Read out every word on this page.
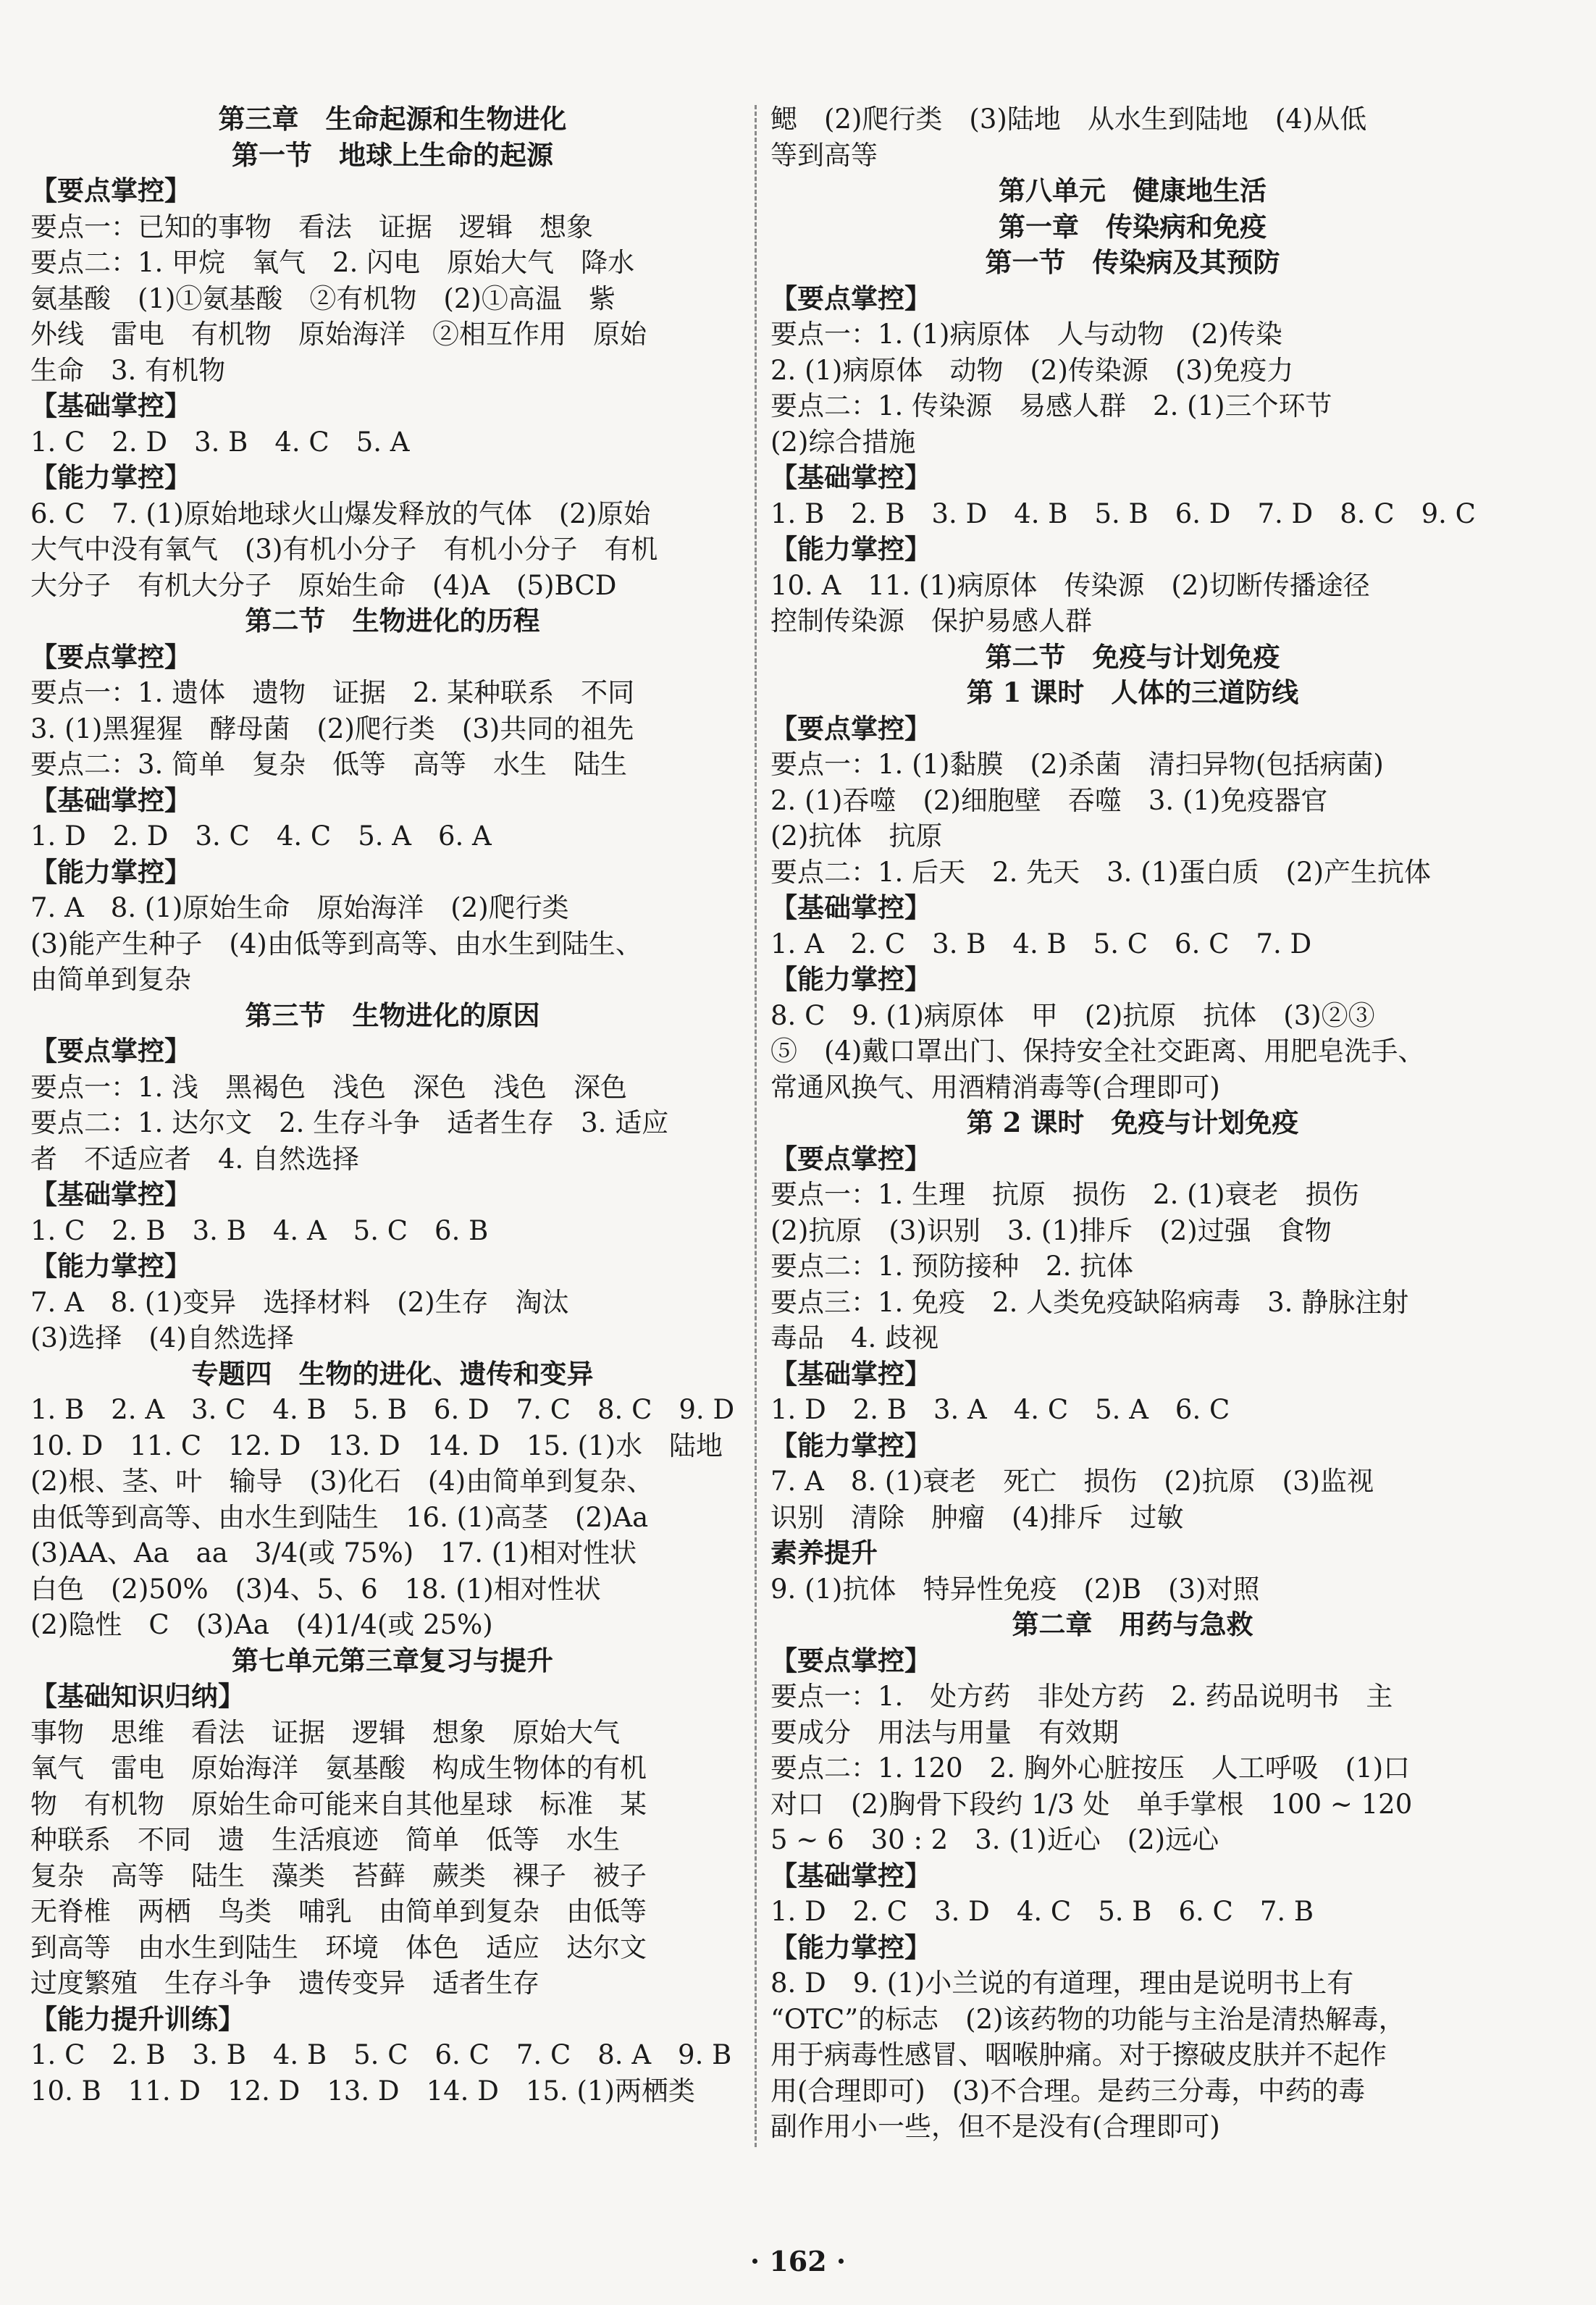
第三章　生命起源和生物进化
第一节　地球上生命的起源
【要点掌控】
要点一：已知的事物　看法　证据　逻辑　想象
要点二：1. 甲烷　氧气　2. 闪电　原始大气　降水
氨基酸　(1)①氨基酸　②有机物　(2)①高温　紫
外线　雷电　有机物　原始海洋　②相互作用　原始
生命　3. 有机物
【基础掌控】
1. C　2. D　3. B　4. C　5. A
【能力掌控】
6. C　7. (1)原始地球火山爆发释放的气体　(2)原始
大气中没有氧气　(3)有机小分子　有机小分子　有机
大分子　有机大分子　原始生命　(4)A　(5)BCD
第二节　生物进化的历程
【要点掌控】
要点一：1. 遗体　遗物　证据　2. 某种联系　不同
3. (1)黑猩猩　酵母菌　(2)爬行类　(3)共同的祖先
要点二：3. 简单　复杂　低等　高等　水生　陆生
【基础掌控】
1. D　2. D　3. C　4. C　5. A　6. A
【能力掌控】
7. A　8. (1)原始生命　原始海洋　(2)爬行类
(3)能产生种子　(4)由低等到高等、由水生到陆生、
由简单到复杂
第三节　生物进化的原因
【要点掌控】
要点一：1. 浅　黑褐色　浅色　深色　浅色　深色
要点二：1. 达尔文　2. 生存斗争　适者生存　3. 适应
者　不适应者　4. 自然选择
【基础掌控】
1. C　2. B　3. B　4. A　5. C　6. B
【能力掌控】
7. A　8. (1)变异　选择材料　(2)生存　淘汰
(3)选择　(4)自然选择
专题四　生物的进化、遗传和变异
1. B　2. A　3. C　4. B　5. B　6. D　7. C　8. C　9. D
10. D　11. C　12. D　13. D　14. D　15. (1)水　陆地
(2)根、茎、叶　输导　(3)化石　(4)由简单到复杂、
由低等到高等、由水生到陆生　16. (1)高茎　(2)Aa
(3)AA、Aa　aa　3/4(或 75%)　17. (1)相对性状
白色　(2)50%　(3)4、5、6　18. (1)相对性状
(2)隐性　C　(3)Aa　(4)1/4(或 25%)
第七单元第三章复习与提升
【基础知识归纳】
事物　思维　看法　证据　逻辑　想象　原始大气
氧气　雷电　原始海洋　氨基酸　构成生物体的有机
物　有机物　原始生命可能来自其他星球　标准　某
种联系　不同　遗　生活痕迹　简单　低等　水生
复杂　高等　陆生　藻类　苔藓　蕨类　裸子　被子
无脊椎　两栖　鸟类　哺乳　由简单到复杂　由低等
到高等　由水生到陆生　环境　体色　适应　达尔文
过度繁殖　生存斗争　遗传变异　适者生存
【能力提升训练】
1. C　2. B　3. B　4. B　5. C　6. C　7. C　8. A　9. B
10. B　11. D　12. D　13. D　14. D　15. (1)两栖类
鳃　(2)爬行类　(3)陆地　从水生到陆地　(4)从低
等到高等
第八单元　健康地生活
第一章　传染病和免疫
第一节　传染病及其预防
【要点掌控】
要点一：1. (1)病原体　人与动物　(2)传染
2. (1)病原体　动物　(2)传染源　(3)免疫力
要点二：1. 传染源　易感人群　2. (1)三个环节
(2)综合措施
【基础掌控】
1. B　2. B　3. D　4. B　5. B　6. D　7. D　8. C　9. C
【能力掌控】
10. A　11. (1)病原体　传染源　(2)切断传播途径
控制传染源　保护易感人群
第二节　免疫与计划免疫
第 1 课时　人体的三道防线
【要点掌控】
要点一：1. (1)黏膜　(2)杀菌　清扫异物(包括病菌)
2. (1)吞噬　(2)细胞壁　吞噬　3. (1)免疫器官
(2)抗体　抗原
要点二：1. 后天　2. 先天　3. (1)蛋白质　(2)产生抗体
【基础掌控】
1. A　2. C　3. B　4. B　5. C　6. C　7. D
【能力掌控】
8. C　9. (1)病原体　甲　(2)抗原　抗体　(3)②③
⑤　(4)戴口罩出门、保持安全社交距离、用肥皂洗手、
常通风换气、用酒精消毒等(合理即可)
第 2 课时　免疫与计划免疫
【要点掌控】
要点一：1. 生理　抗原　损伤　2. (1)衰老　损伤
(2)抗原　(3)识别　3. (1)排斥　(2)过强　食物
要点二：1. 预防接种　2. 抗体
要点三：1. 免疫　2. 人类免疫缺陷病毒　3. 静脉注射
毒品　4. 歧视
【基础掌控】
1. D　2. B　3. A　4. C　5. A　6. C
【能力掌控】
7. A　8. (1)衰老　死亡　损伤　(2)抗原　(3)监视
识别　清除　肿瘤　(4)排斥　过敏
素养提升
9. (1)抗体　特异性免疫　(2)B　(3)对照
第二章　用药与急救
【要点掌控】
要点一：1.　处方药　非处方药　2. 药品说明书　主
要成分　用法与用量　有效期
要点二：1. 120　2. 胸外心脏按压　人工呼吸　(1)口
对口　(2)胸骨下段约 1/3 处　单手掌根　100 ~ 120
5 ~ 6　30 : 2　3. (1)近心　(2)远心
【基础掌控】
1. D　2. C　3. D　4. C　5. B　6. C　7. B
【能力掌控】
8. D　9. (1)小兰说的有道理，理由是说明书上有
“OTC”的标志　(2)该药物的功能与主治是清热解毒，
用于病毒性感冒、咽喉肿痛。对于擦破皮肤并不起作
用(合理即可)　(3)不合理。是药三分毒，中药的毒
副作用小一些，但不是没有(合理即可)
· 162 ·
